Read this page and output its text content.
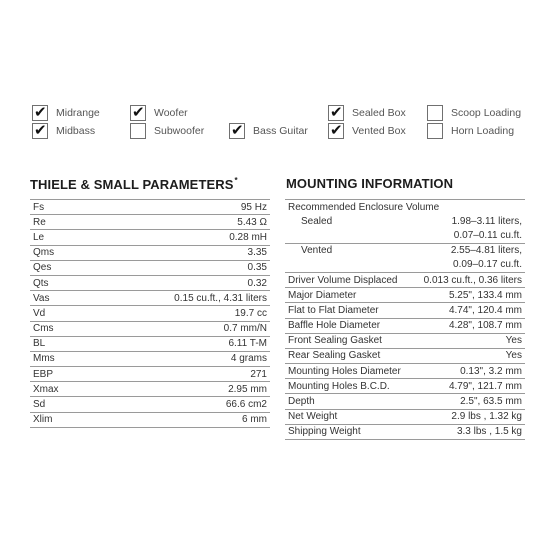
✔ Midrange
✔ Midbass
✔ Woofer
Subwoofer ✔ Bass Guitar
✔ Sealed Box
✔ Vented Box
Scoop Loading
Horn Loading
THIELE & SMALL PARAMETERS*	MOUNTING INFORMATION
Fs	95 Hz
Re	5.43 Ω
Le	0.28 mH
Qms	3.35
Qes	0.35
Qts	0.32
Vas	0.15 cu.ft., 4.31 liters
Vd	19.7 cc
Cms	0.7 mm/N
BL	6.11 T-M
Mms	4 grams
EBP	271
Xmax	2.95 mm
Sd	66.6 cm2
Xlim	6 mm
Recommended Enclosure Volume	
Sealed	1.98–3.11 liters,
	0.07–0.11 cu.ft.
Vented	2.55–4.81 liters,
	0.09–0.17 cu.ft.
Driver Volume Displaced	0.013 cu.ft., 0.36 liters
Major Diameter	5.25", 133.4 mm
Flat to Flat Diameter	4.74", 120.4 mm
Baffle Hole Diameter	4.28", 108.7 mm
Front Sealing Gasket	Yes
Rear Sealing Gasket	Yes
Mounting Holes Diameter	0.13", 3.2 mm
Mounting Holes B.C.D.	4.79", 121.7 mm
Depth	2.5", 63.5 mm
Net Weight	2.9 lbs , 1.32 kg
Shipping Weight	3.3 lbs , 1.5 kg
